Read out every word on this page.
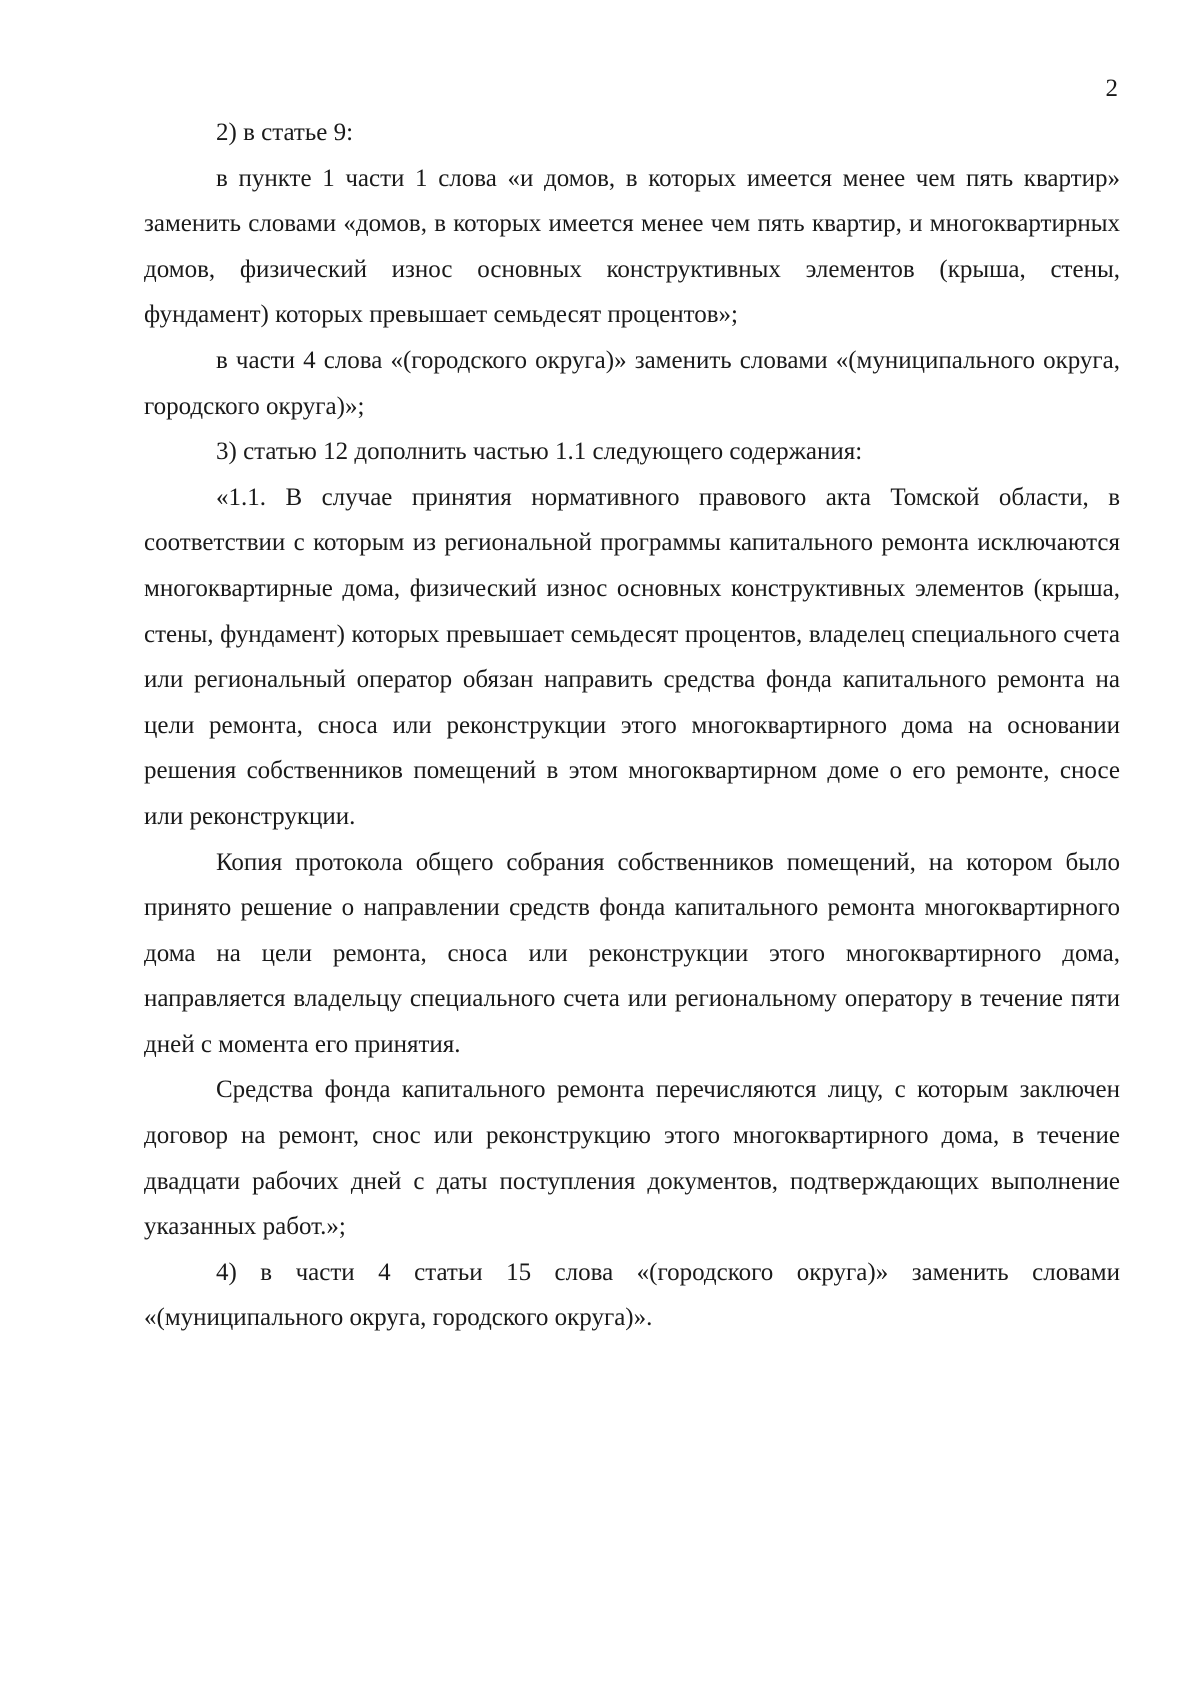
2

2) в статье 9:

в пункте 1 части 1 слова «и домов, в которых имеется менее чем пять квартир» заменить словами «домов, в которых имеется менее чем пять квартир, и многоквартирных домов, физический износ основных конструктивных элементов (крыша, стены, фундамент) которых превышает семьдесят процентов»;

в части 4 слова «(городского округа)» заменить словами «(муниципального округа, городского округа)»;

3) статью 12 дополнить частью 1.1 следующего содержания:

«1.1. В случае принятия нормативного правового акта Томской области, в соответствии с которым из региональной программы капитального ремонта исключаются многоквартирные дома, физический износ основных конструктивных элементов (крыша, стены, фундамент) которых превышает семьдесят процентов, владелец специального счета или региональный оператор обязан направить средства фонда капитального ремонта на цели ремонта, сноса или реконструкции этого многоквартирного дома на основании решения собственников помещений в этом многоквартирном доме о его ремонте, сносе или реконструкции.

Копия протокола общего собрания собственников помещений, на котором было принято решение о направлении средств фонда капитального ремонта многоквартирного дома на цели ремонта, сноса или реконструкции этого многоквартирного дома, направляется владельцу специального счета или региональному оператору в течение пяти дней с момента его принятия.

Средства фонда капитального ремонта перечисляются лицу, с которым заключен договор на ремонт, снос или реконструкцию этого многоквартирного дома, в течение двадцати рабочих дней с даты поступления документов, подтверждающих выполнение указанных работ.»;

4) в части 4 статьи 15 слова «(городского округа)» заменить словами «(муниципального округа, городского округа)».
